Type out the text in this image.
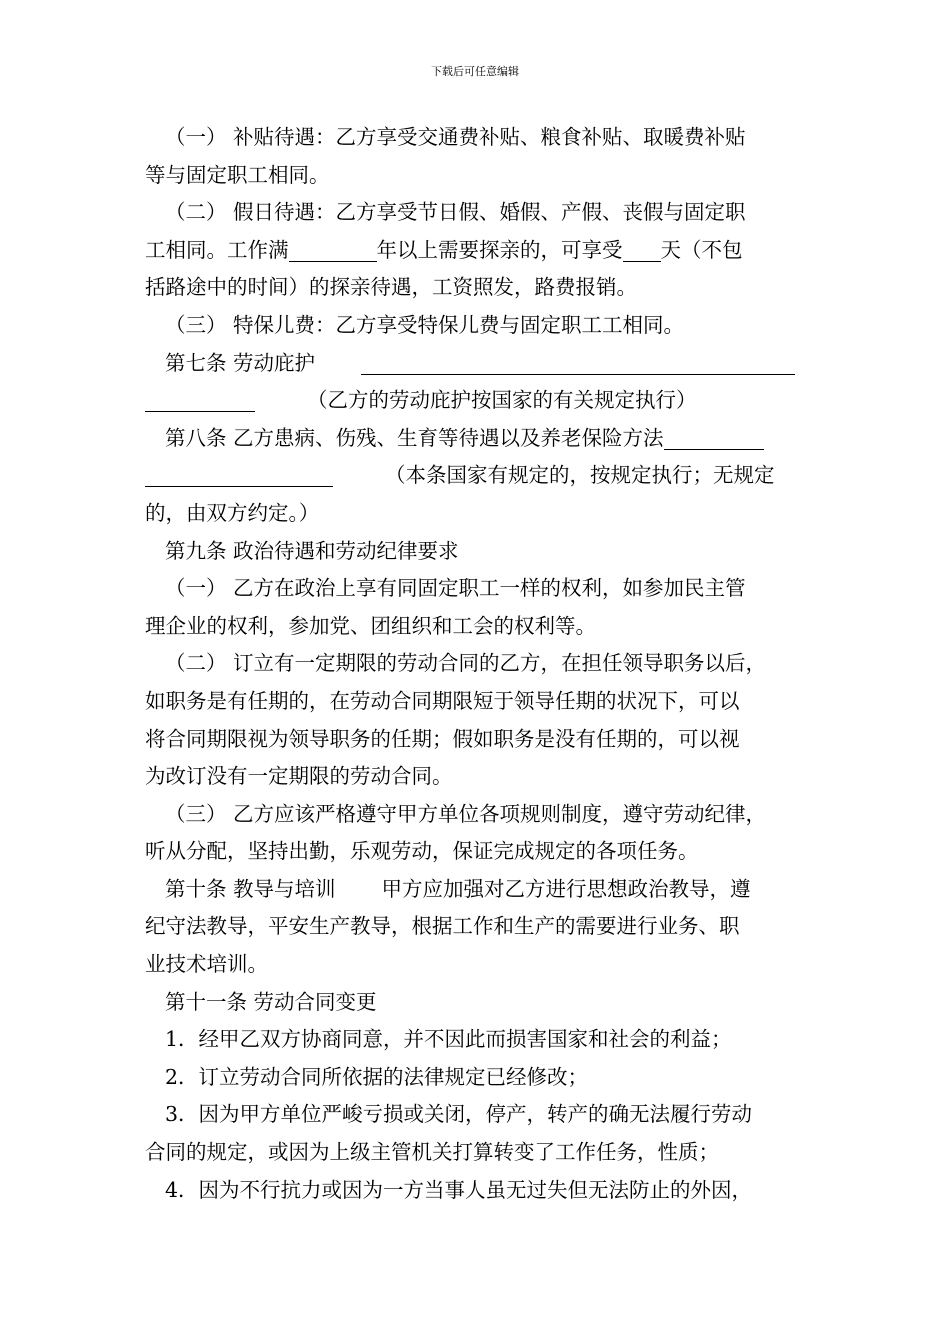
下载后可任意编辑
（一） 补贴待遇：乙方享受交通费补贴、粮食补贴、取暖费补贴
等与固定职工相同。
（二） 假日待遇：乙方享受节日假、婚假、产假、丧假与固定职
工相同。工作满	年以上需要探亲的，可享受 天（不包
括路途中的时间）的探亲待遇，工资照发，路费报销。
（三） 特保儿费：乙方享受特保儿费与固定职工工相同。
第七条 劳动庇护
（乙方的劳动庇护按国家的有关规定执行）
第八条 乙方患病、伤残、生育等待遇以及养老保险方法
（本条国家有规定的，按规定执行；无规定
的，由双方约定。）
第九条 政治待遇和劳动纪律要求
（一） 乙方在政治上享有同固定职工一样的权利，如参加民主管
理企业的权利，参加党、团组织和工会的权利等。
（二） 订立有一定期限的劳动合同的乙方，在担任领导职务以后，
如职务是有任期的，在劳动合同期限短于领导任期的状况下，可以
将合同期限视为领导职务的任期；假如职务是没有任期的，可以视
为改订没有一定期限的劳动合同。
（三） 乙方应该严格遵守甲方单位各项规则制度，遵守劳动纪律，
听从分配，坚持出勤，乐观劳动，保证完成规定的各项任务。
第十条 教导与培训 甲方应加强对乙方进行思想政治教导，遵
纪守法教导，平安生产教导，根据工作和生产的需要进行业务、职
业技术培训。
第十一条 劳动合同变更
1．经甲乙双方协商同意，并不因此而损害国家和社会的利益；
2．订立劳动合同所依据的法律规定已经修改；
3．因为甲方单位严峻亏损或关闭，停产，转产的确无法履行劳动
合同的规定，或因为上级主管机关打算转变了工作任务，性质；
4．因为不行抗力或因为一方当事人虽无过失但无法防止的外因，
